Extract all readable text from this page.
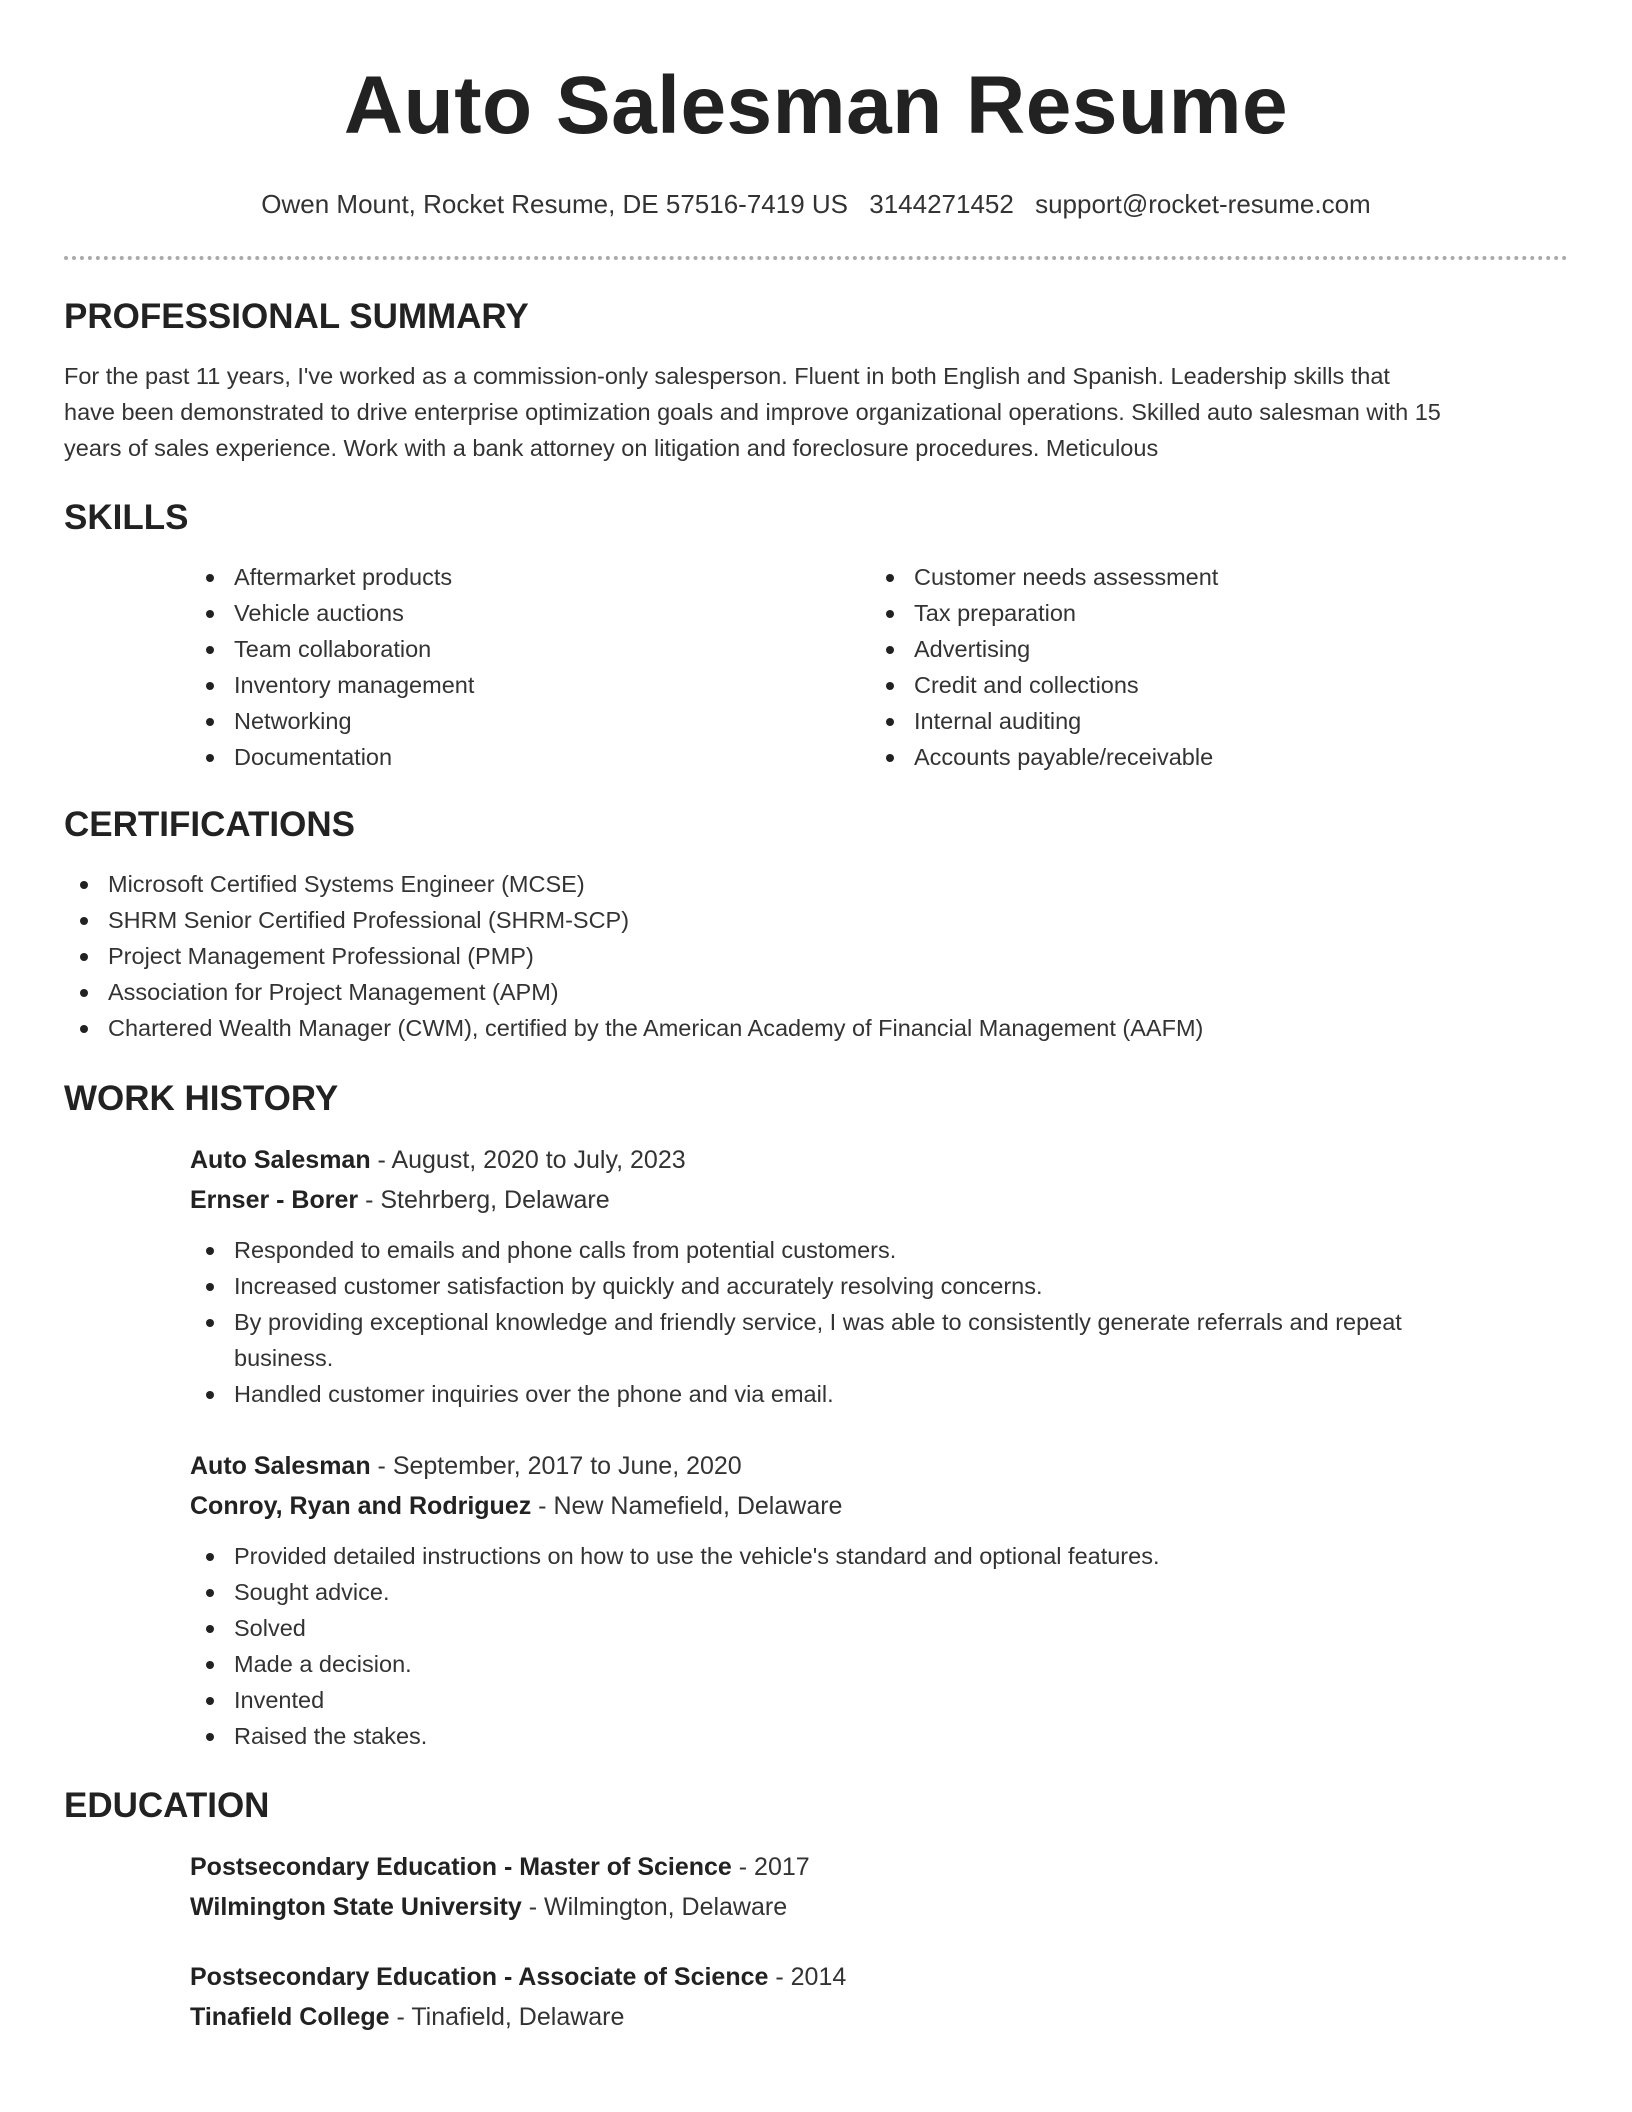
Auto Salesman Resume
Owen Mount, Rocket Resume, DE 57516-7419 US 3144271452 support@rocket-resume.com
PROFESSIONAL SUMMARY

For the past 11 years, I've worked as a commission-only salesperson. Fluent in both English and Spanish. Leadership skills that have been demonstrated to drive enterprise optimization goals and improve organizational operations. Skilled auto salesman with 15 years of sales experience. Work with a bank attorney on litigation and foreclosure procedures. Meticulous

SKILLS
Aftermarket products
Vehicle auctions
Team collaboration
Inventory management
Networking
Documentation
Customer needs assessment
Tax preparation
Advertising
Credit and collections
Internal auditing
Accounts payable/receivable
CERTIFICATIONS
Microsoft Certified Systems Engineer (MCSE)
SHRM Senior Certified Professional (SHRM-SCP)
Project Management Professional (PMP)
Association for Project Management (APM)
Chartered Wealth Manager (CWM), certified by the American Academy of Financial Management (AAFM)
WORK HISTORY
Auto Salesman - August, 2020 to July, 2023
Ernser - Borer - Stehrberg, Delaware
Responded to emails and phone calls from potential customers.
Increased customer satisfaction by quickly and accurately resolving concerns.
By providing exceptional knowledge and friendly service, I was able to consistently generate referrals and repeat business.
Handled customer inquiries over the phone and via email.
Auto Salesman - September, 2017 to June, 2020
Conroy, Ryan and Rodriguez - New Namefield, Delaware
Provided detailed instructions on how to use the vehicle's standard and optional features.
Sought advice.
Solved
Made a decision.
Invented
Raised the stakes.
EDUCATION
Postsecondary Education - Master of Science - 2017
Wilmington State University - Wilmington, Delaware
Postsecondary Education - Associate of Science - 2014
Tinafield College - Tinafield, Delaware
